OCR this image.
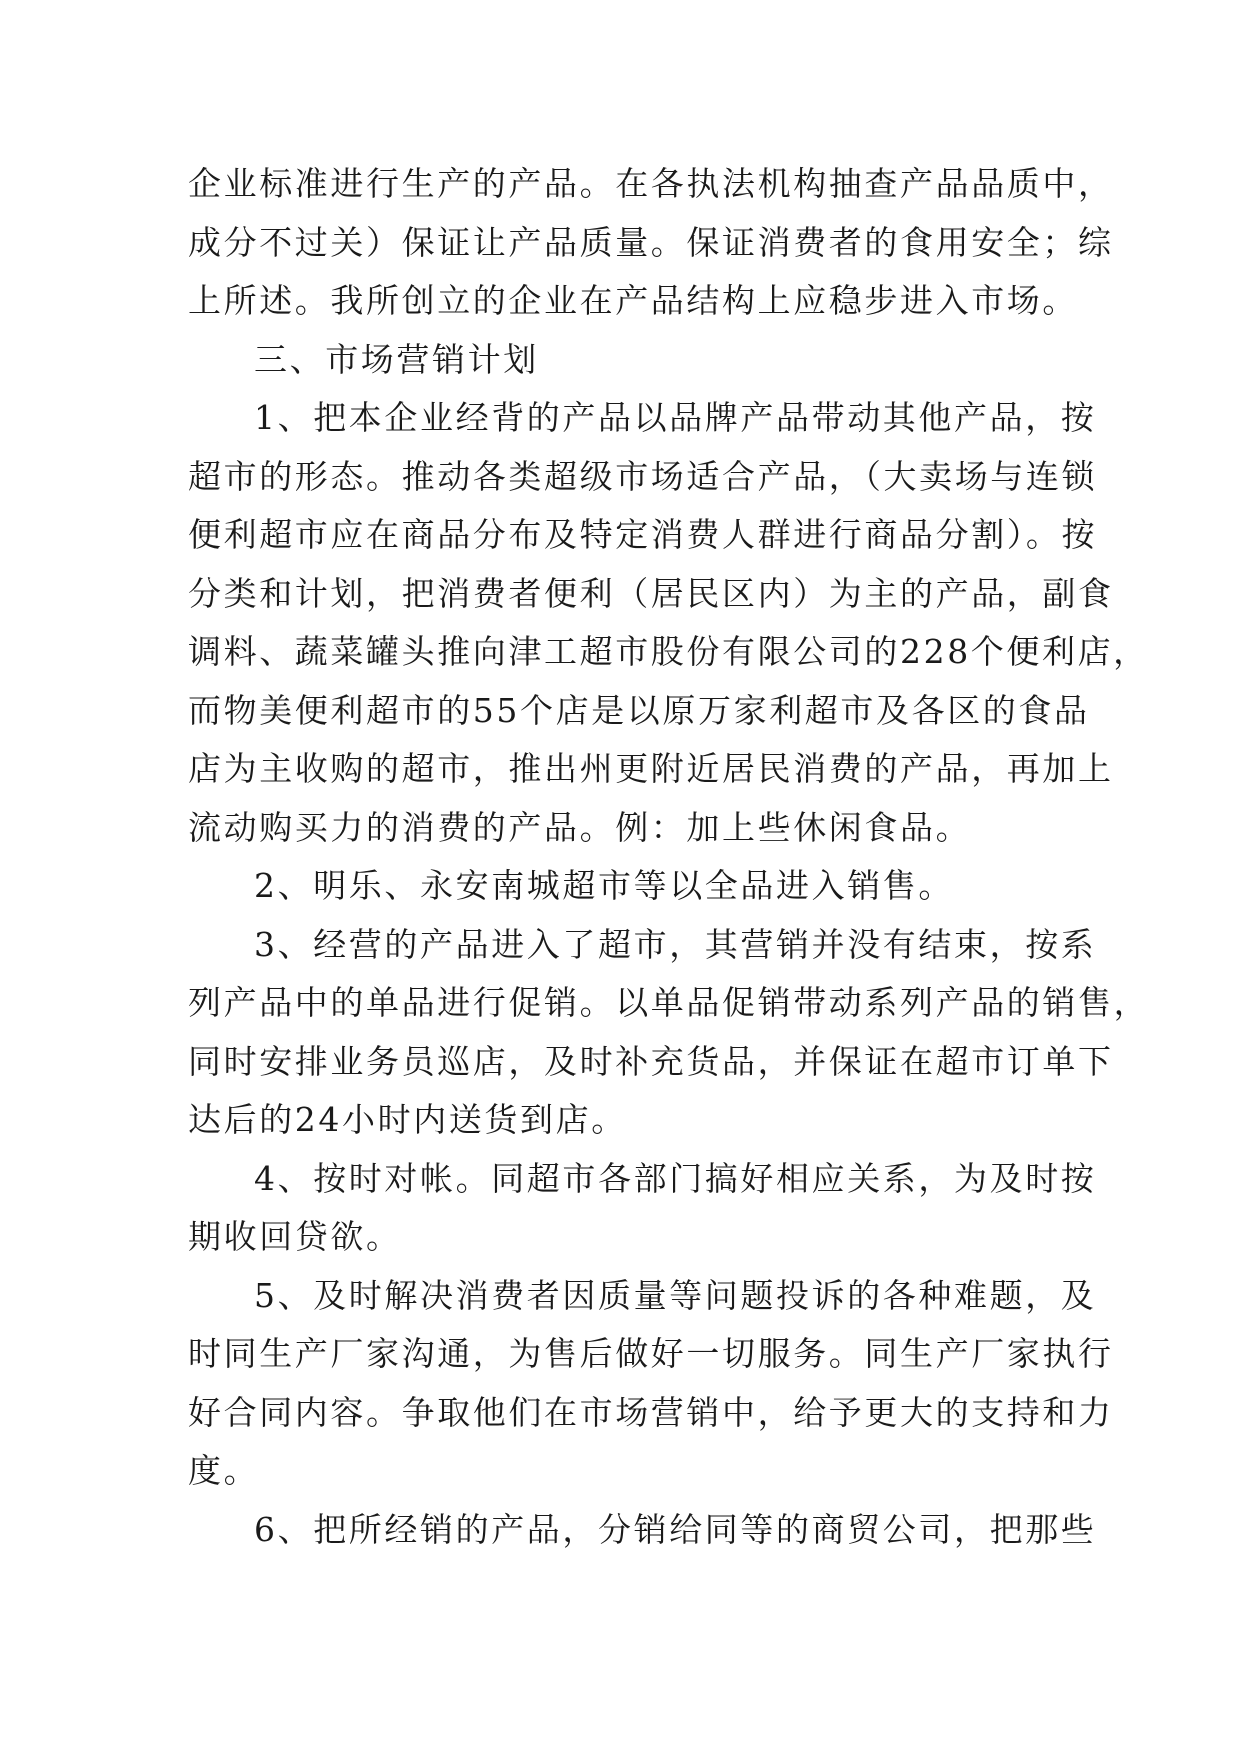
企业标准进行生产的产品。在各执法机构抽查产品品质中，
成分不过关）保证让产品质量。保证消费者的食用安全；综
上所述。我所创立的企业在产品结构上应稳步进入市场。
三、市场营销计划
1、把本企业经背的产品以品牌产品带动其他产品，按
超市的形态。推动各类超级市场适合产品，（大卖场与连锁
便利超市应在商品分布及特定消费人群进行商品分割）。按
分类和计划，把消费者便利（居民区内）为主的产品，副食
调料、蔬菜罐头推向津工超市股份有限公司的228个便利店，
而物美便利超市的55个店是以原万家利超市及各区的食品
店为主收购的超市，推出州更附近居民消费的产品，再加上
流动购买力的消费的产品。例：加上些休闲食品。
2、明乐、永安南城超市等以全品进入销售。
3、经营的产品进入了超市，其营销并没有结束，按系
列产品中的单品进行促销。以单品促销带动系列产品的销售，
同时安排业务员巡店，及时补充货品，并保证在超市订单下
达后的24小时内送货到店。
4、按时对帐。同超市各部门搞好相应关系，为及时按
期收回贷欲。
5、及时解决消费者因质量等问题投诉的各种难题，及
时同生产厂家沟通，为售后做好一切服务。同生产厂家执行
好合同内容。争取他们在市场营销中，给予更大的支持和力
度。
6、把所经销的产品，分销给同等的商贸公司，把那些
